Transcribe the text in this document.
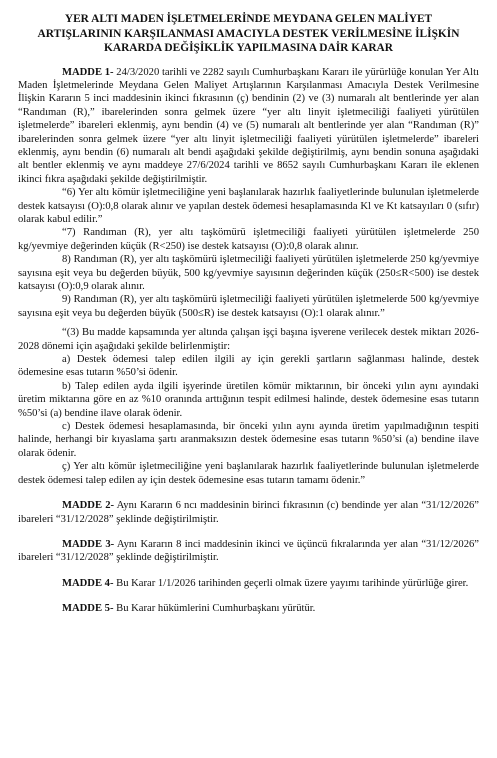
YER ALTI MADEN İŞLETMELERİNDE MEYDANA GELEN MALİYET
ARTIŞLARININ KARŞILANMASI AMACIYLA DESTEK VERİLMESİNE İLİŞKİN
KARARDA DEĞİŞİKLİK YAPILMASINA DAİR KARAR

MADDE 1- 24/3/2020 tarihli ve 2282 sayılı Cumhurbaşkanı Kararı ile yürürlüğe konulan Yer Altı Maden İşletmelerinde Meydana Gelen Maliyet Artışlarının Karşılanması Amacıyla Destek Verilmesine İlişkin Kararın 5 inci maddesinin ikinci fıkrasının (ç) bendinin (2) ve (3) numaralı alt bentlerinde yer alan “Randıman (R),” ibarelerinden sonra gelmek üzere “yer altı linyit işletmeciliği faaliyeti yürütülen işletmelerde” ibareleri eklenmiş, aynı bendin (4) ve (5) numaralı alt bentlerinde yer alan “Randıman (R)” ibarelerinden sonra gelmek üzere “yer altı linyit işletmeciliği faaliyeti yürütülen işletmelerde” ibareleri eklenmiş, aynı bendin (6) numaralı alt bendi aşağıdaki şekilde değiştirilmiş, aynı bendin sonuna aşağıdaki alt bentler eklenmiş ve aynı maddeye 27/6/2024 tarihli ve 8652 sayılı Cumhurbaşkanı Kararı ile eklenen ikinci fıkra aşağıdaki şekilde değiştirilmiştir.

“6) Yer altı kömür işletmeciliğine yeni başlanılarak hazırlık faaliyetlerinde bulunulan işletmelerde destek katsayısı (O):0,8 olarak alınır ve yapılan destek ödemesi hesaplamasında Kl ve Kt katsayıları 0 (sıfır) olarak kabul edilir.”

“7) Randıman (R), yer altı taşkömürü işletmeciliği faaliyeti yürütülen işletmelerde 250 kg/yevmiye değerinden küçük (R<250) ise destek katsayısı (O):0,8 olarak alınır.

8) Randıman (R), yer altı taşkömürü işletmeciliği faaliyeti yürütülen işletmelerde 250 kg/yevmiye sayısına eşit veya bu değerden büyük, 500 kg/yevmiye sayısının değerinden küçük (250≤R<500) ise destek katsayısı (O):0,9 olarak alınır.

9) Randıman (R), yer altı taşkömürü işletmeciliği faaliyeti yürütülen işletmelerde 500 kg/yevmiye sayısına eşit veya bu değerden büyük (500≤R) ise destek katsayısı (O):1 olarak alınır.”

“(3) Bu madde kapsamında yer altında çalışan işçi başına işverene verilecek destek miktarı 2026-2028 dönemi için aşağıdaki şekilde belirlenmiştir:

a) Destek ödemesi talep edilen ilgili ay için gerekli şartların sağlanması halinde, destek ödemesine esas tutarın %50’si ödenir.

b) Talep edilen ayda ilgili işyerinde üretilen kömür miktarının, bir önceki yılın aynı ayındaki üretim miktarına göre en az %10 oranında arttığının tespit edilmesi halinde, destek ödemesine esas tutarın %50’si (a) bendine ilave olarak ödenir.

c) Destek ödemesi hesaplamasında, bir önceki yılın aynı ayında üretim yapılmadığının tespiti halinde, herhangi bir kıyaslama şartı aranmaksızın destek ödemesine esas tutarın %50’si (a) bendine ilave olarak ödenir.

ç) Yer altı kömür işletmeciliğine yeni başlanılarak hazırlık faaliyetlerinde bulunulan işletmelerde destek ödemesi talep edilen ay için destek ödemesine esas tutarın tamamı ödenir.”

MADDE 2- Aynı Kararın 6 ncı maddesinin birinci fıkrasının (c) bendinde yer alan “31/12/2026” ibareleri “31/12/2028” şeklinde değiştirilmiştir.

MADDE 3- Aynı Kararın 8 inci maddesinin ikinci ve üçüncü fıkralarında yer alan “31/12/2026” ibareleri “31/12/2028” şeklinde değiştirilmiştir.

MADDE 4- Bu Karar 1/1/2026 tarihinden geçerli olmak üzere yayımı tarihinde yürürlüğe girer.

MADDE 5- Bu Karar hükümlerini Cumhurbaşkanı yürütür.
